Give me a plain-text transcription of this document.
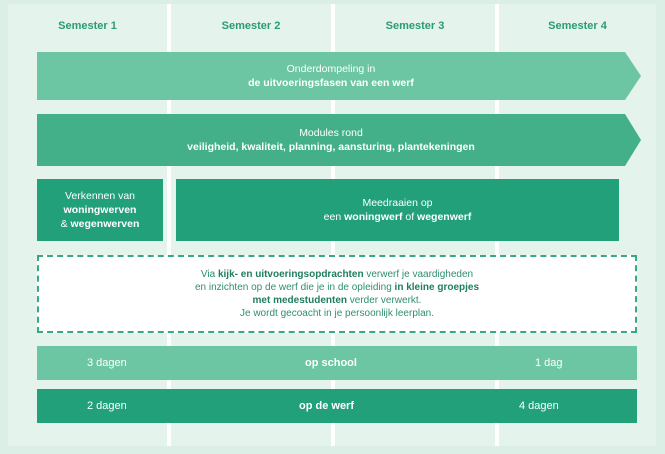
Semester 1	Semester 2	Semester 3	Semester 4
Onderdompeling in
de uitvoeringsfasen van een werf
Modules rond
veiligheid, kwaliteit, planning, aansturing, plantekeningen
Verkennen van
woningwerven
& wegenwerven
Meedraaien op
een woningwerf of wegenwerf
Via kijk- en uitvoeringsopdrachten verwerf je vaardigheden
en inzichten op de werf die je in de opleiding in kleine groepjes
met medestudenten verder verwerkt.
Je wordt gecoacht in je persoonlijk leerplan.
3 dagen	op school	1 dag
2 dagen	op de werf	4 dagen
